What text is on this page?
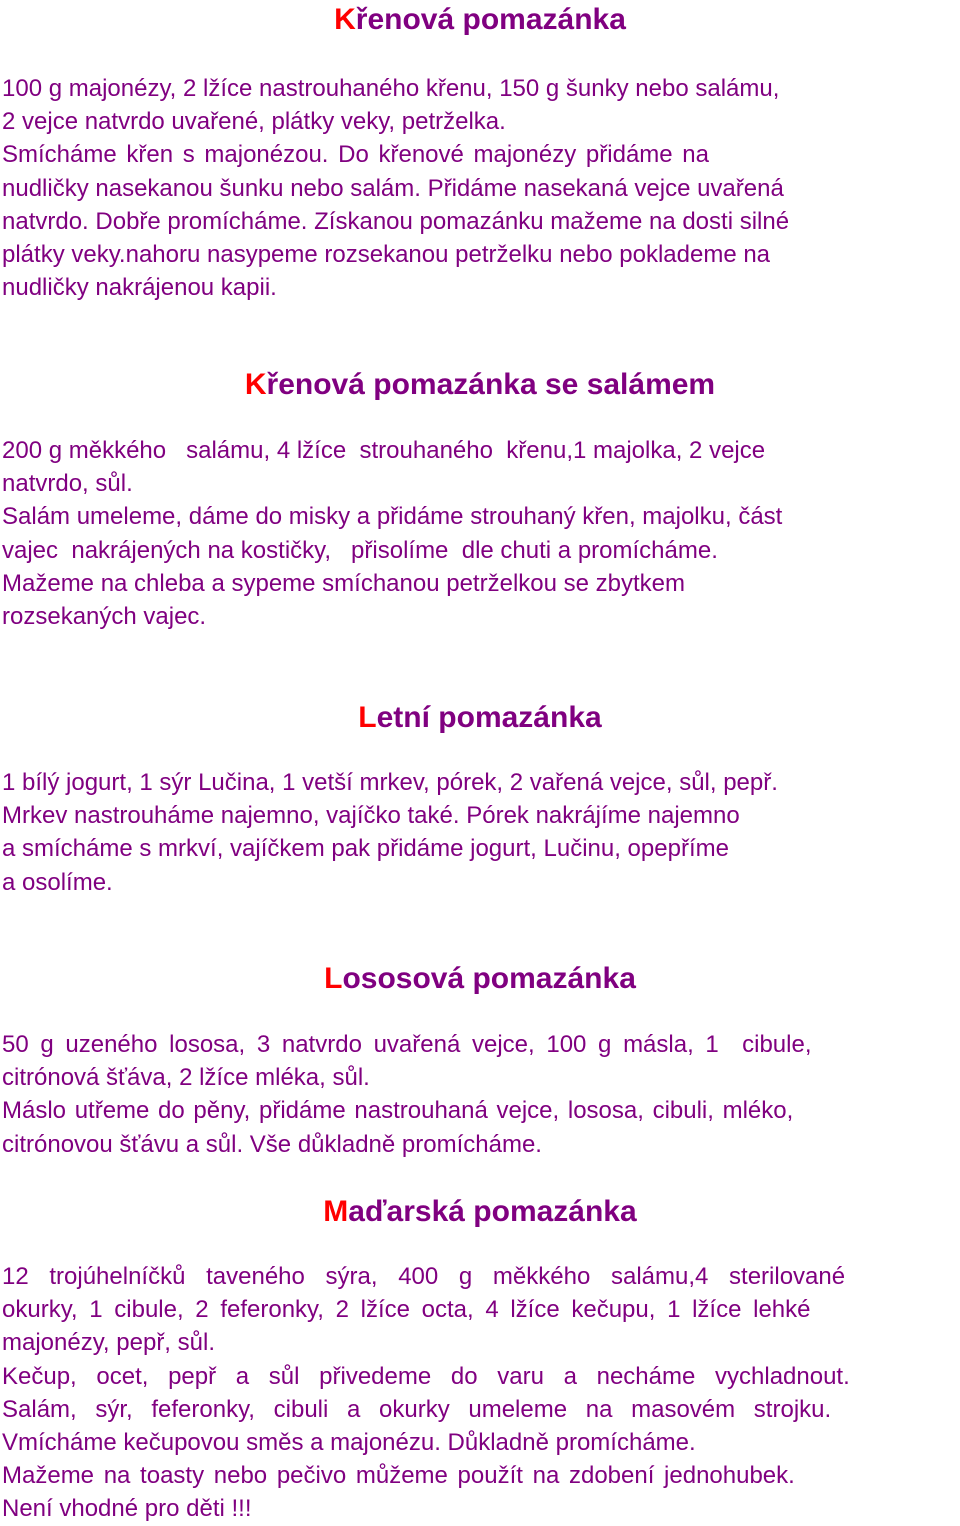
Křenová pomazánka

100 g majonézy, 2 lžíce nastrouhaného křenu, 150 g šunky nebo salámu,

2 vejce natvrdo uvařené, plátky veky, petrželka.

Smícháme křen s majonézou. Do křenové majonézy přidáme na

nudličky nasekanou šunku nebo salám. Přidáme nasekaná vejce uvařená

natvrdo. Dobře promícháme. Získanou pomazánku mažeme na dosti silné

plátky veky.nahoru nasypeme rozsekanou petrželku nebo poklademe na

nudličky nakrájenou kapii.

Křenová pomazánka se salámem

200 g měkkého   salámu, 4 lžíce  strouhaného  křenu,1 majolka, 2 vejce

natvrdo, sůl.

Salám umeleme, dáme do misky a přidáme strouhaný křen, majolku, část

vajec  nakrájených na kostičky,   přisolíme  dle chuti a promícháme.

Mažeme na chleba a sypeme smíchanou petrželkou se zbytkem

rozsekaných vajec.

Letní pomazánka

1 bílý jogurt, 1 sýr Lučina, 1 vetší mrkev, pórek, 2 vařená vejce, sůl, pepř.

Mrkev nastrouháme najemno, vajíčko také. Pórek nakrájíme najemno

a smícháme s mrkví, vajíčkem pak přidáme jogurt, Lučinu, opepříme

a osolíme.

Lososová pomazánka

50 g uzeného lososa, 3 natvrdo uvařená vejce, 100 g másla, 1  cibule,

citrónová šťáva, 2 lžíce mléka, sůl.

Máslo utřeme do pěny, přidáme nastrouhaná vejce, lososa, cibuli, mléko,

citrónovou šťávu a sůl. Vše důkladně promícháme.

Maďarská pomazánka

12 trojúhelníčků taveného sýra, 400 g měkkého salámu,4 sterilované

okurky, 1 cibule, 2 feferonky, 2 lžíce octa, 4 lžíce kečupu, 1 lžíce lehké

majonézy, pepř, sůl.

Kečup, ocet, pepř a sůl přivedeme do varu a necháme vychladnout.

Salám, sýr, feferonky, cibuli a okurky umeleme na masovém strojku.

Vmícháme kečupovou směs a majonézu. Důkladně promícháme.

Mažeme na toasty nebo pečivo můžeme použít na zdobení jednohubek.

Není vhodné pro děti !!!
